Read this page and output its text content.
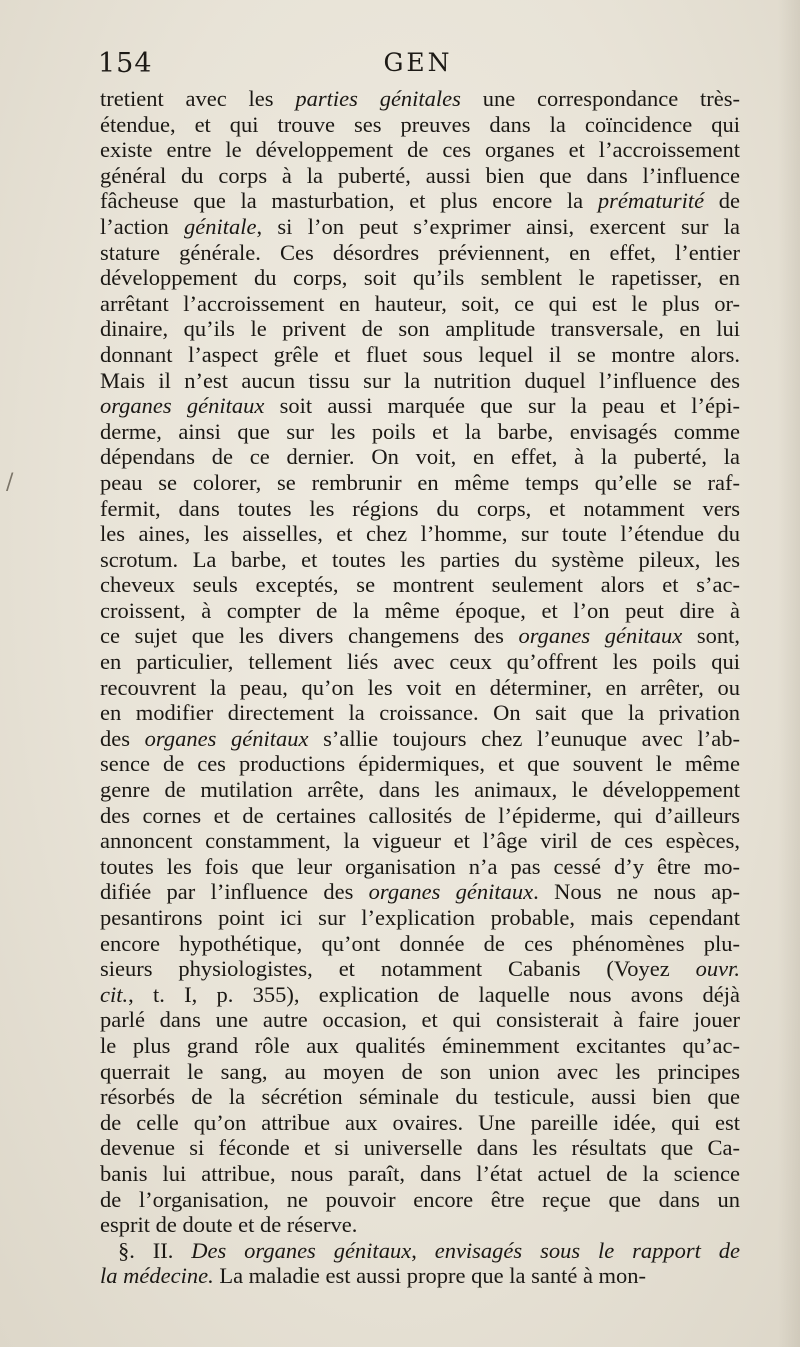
154	GEN
tretient avec les parties génitales une correspondance très-
étendue, et qui trouve ses preuves dans la coïncidence qui
existe entre le développement de ces organes et l’accroissement
général du corps à la puberté, aussi bien que dans l’influence
fâcheuse que la masturbation, et plus encore la prématurité de
l’action génitale, si l’on peut s’exprimer ainsi, exercent sur la
stature générale. Ces désordres préviennent, en effet, l’entier
développement du corps, soit qu’ils semblent le rapetisser, en
arrêtant l’accroissement en hauteur, soit, ce qui est le plus or-
dinaire, qu’ils le privent de son amplitude transversale, en lui
donnant l’aspect grêle et fluet sous lequel il se montre alors.
Mais il n’est aucun tissu sur la nutrition duquel l’influence des
organes génitaux soit aussi marquée que sur la peau et l’épi-
derme, ainsi que sur les poils et la barbe, envisagés comme
dépendans de ce dernier. On voit, en effet, à la puberté, la
peau se colorer, se rembrunir en même temps qu’elle se raf-
fermit, dans toutes les régions du corps, et notamment vers
les aines, les aisselles, et chez l’homme, sur toute l’étendue du
scrotum. La barbe, et toutes les parties du système pileux, les
cheveux seuls exceptés, se montrent seulement alors et s’ac-
croissent, à compter de la même époque, et l’on peut dire à
ce sujet que les divers changemens des organes génitaux sont,
en particulier, tellement liés avec ceux qu’offrent les poils qui
recouvrent la peau, qu’on les voit en déterminer, en arrêter, ou
en modifier directement la croissance. On sait que la privation
des organes génitaux s’allie toujours chez l’eunuque avec l’ab-
sence de ces productions épidermiques, et que souvent le même
genre de mutilation arrête, dans les animaux, le développement
des cornes et de certaines callosités de l’épiderme, qui d’ailleurs
annoncent constamment, la vigueur et l’âge viril de ces espèces,
toutes les fois que leur organisation n’a pas cessé d’y être mo-
difiée par l’influence des organes génitaux. Nous ne nous ap-
pesantirons point ici sur l’explication probable, mais cependant
encore hypothétique, qu’ont donnée de ces phénomènes plu-
sieurs physiologistes, et notamment Cabanis (Voyez ouvr.
cit., t. I, p. 355), explication de laquelle nous avons déjà
parlé dans une autre occasion, et qui consisterait à faire jouer
le plus grand rôle aux qualités éminemment excitantes qu’ac-
querrait le sang, au moyen de son union avec les principes
résorbés de la sécrétion séminale du testicule, aussi bien que
de celle qu’on attribue aux ovaires. Une pareille idée, qui est
devenue si féconde et si universelle dans les résultats que Ca-
banis lui attribue, nous paraît, dans l’état actuel de la science
de l’organisation, ne pouvoir encore être reçue que dans un
esprit de doute et de réserve.
§. II. Des organes génitaux, envisagés sous le rapport de
la médecine. La maladie est aussi propre que la santé à mon-
/
